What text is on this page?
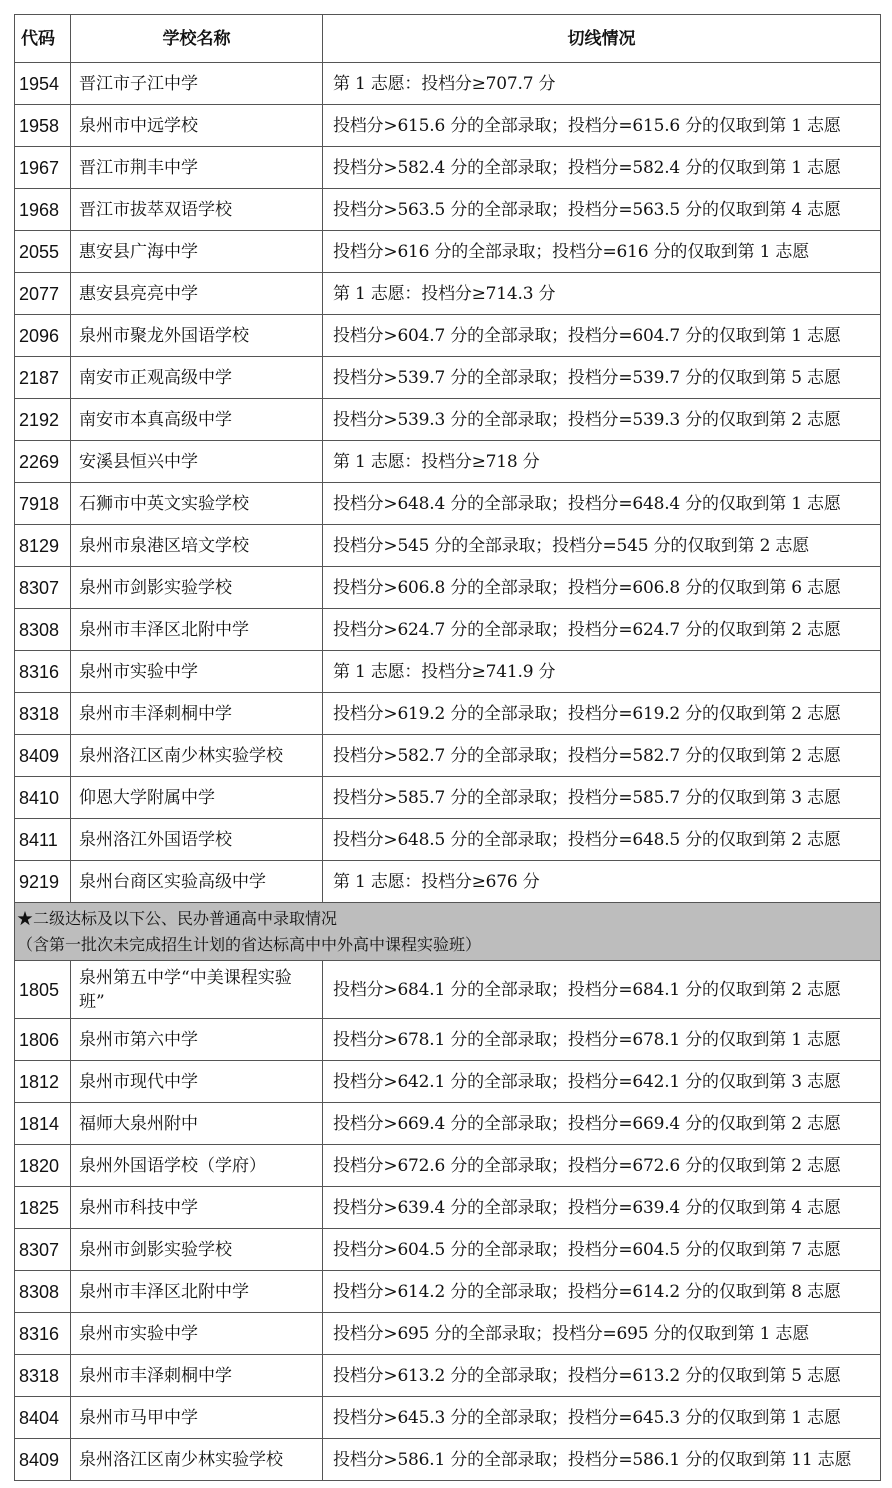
代码	学校名称	切线情况
1954	晋江市子江中学	第 1 志愿：投档分≥707.7 分
1958	泉州市中远学校	投档分>615.6 分的全部录取；投档分=615.6 分的仅取到第 1 志愿
1967	晋江市荆丰中学	投档分>582.4 分的全部录取；投档分=582.4 分的仅取到第 1 志愿
1968	晋江市拔萃双语学校	投档分>563.5 分的全部录取；投档分=563.5 分的仅取到第 4 志愿
2055	惠安县广海中学	投档分>616 分的全部录取；投档分=616 分的仅取到第 1 志愿
2077	惠安县亮亮中学	第 1 志愿：投档分≥714.3 分
2096	泉州市聚龙外国语学校	投档分>604.7 分的全部录取；投档分=604.7 分的仅取到第 1 志愿
2187	南安市正观高级中学	投档分>539.7 分的全部录取；投档分=539.7 分的仅取到第 5 志愿
2192	南安市本真高级中学	投档分>539.3 分的全部录取；投档分=539.3 分的仅取到第 2 志愿
2269	安溪县恒兴中学	第 1 志愿：投档分≥718 分
7918	石狮市中英文实验学校	投档分>648.4 分的全部录取；投档分=648.4 分的仅取到第 1 志愿
8129	泉州市泉港区培文学校	投档分>545 分的全部录取；投档分=545 分的仅取到第 2 志愿
8307	泉州市剑影实验学校	投档分>606.8 分的全部录取；投档分=606.8 分的仅取到第 6 志愿
8308	泉州市丰泽区北附中学	投档分>624.7 分的全部录取；投档分=624.7 分的仅取到第 2 志愿
8316	泉州市实验中学	第 1 志愿：投档分≥741.9 分
8318	泉州市丰泽刺桐中学	投档分>619.2 分的全部录取；投档分=619.2 分的仅取到第 2 志愿
8409	泉州洛江区南少林实验学校	投档分>582.7 分的全部录取；投档分=582.7 分的仅取到第 2 志愿
8410	仰恩大学附属中学	投档分>585.7 分的全部录取；投档分=585.7 分的仅取到第 3 志愿
8411	泉州洛江外国语学校	投档分>648.5 分的全部录取；投档分=648.5 分的仅取到第 2 志愿
9219	泉州台商区实验高级中学	第 1 志愿：投档分≥676 分

★二级达标及以下公、民办普通高中录取情况
（含第一批次未完成招生计划的省达标高中中外高中课程实验班）		

1805	泉州第五中学“中美课程实验班”	投档分>684.1 分的全部录取；投档分=684.1 分的仅取到第 2 志愿
1806	泉州市第六中学	投档分>678.1 分的全部录取；投档分=678.1 分的仅取到第 1 志愿
1812	泉州市现代中学	投档分>642.1 分的全部录取；投档分=642.1 分的仅取到第 3 志愿
1814	福师大泉州附中	投档分>669.4 分的全部录取；投档分=669.4 分的仅取到第 2 志愿
1820	泉州外国语学校（学府）	投档分>672.6 分的全部录取；投档分=672.6 分的仅取到第 2 志愿
1825	泉州市科技中学	投档分>639.4 分的全部录取；投档分=639.4 分的仅取到第 4 志愿
8307	泉州市剑影实验学校	投档分>604.5 分的全部录取；投档分=604.5 分的仅取到第 7 志愿
8308	泉州市丰泽区北附中学	投档分>614.2 分的全部录取；投档分=614.2 分的仅取到第 8 志愿
8316	泉州市实验中学	投档分>695 分的全部录取；投档分=695 分的仅取到第 1 志愿
8318	泉州市丰泽刺桐中学	投档分>613.2 分的全部录取；投档分=613.2 分的仅取到第 5 志愿
8404	泉州市马甲中学	投档分>645.3 分的全部录取；投档分=645.3 分的仅取到第 1 志愿
8409	泉州洛江区南少林实验学校	投档分>586.1 分的全部录取；投档分=586.1 分的仅取到第 11 志愿
